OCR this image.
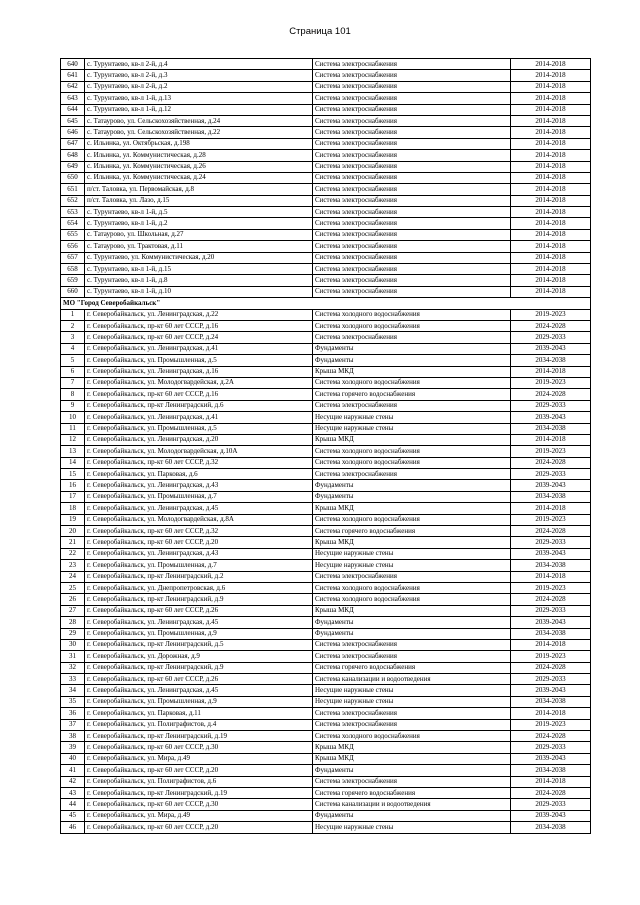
Страница 101
640	с. Турунтаево, кв-л 2-й, д.4	Система электроснабжения	2014-2018
641	с. Турунтаево, кв-л 2-й, д.3	Система электроснабжения	2014-2018
642	с. Турунтаево, кв-л 2-й, д.2	Система электроснабжения	2014-2018
643	с. Турунтаево, кв-л 1-й, д.13	Система электроснабжения	2014-2018
644	с. Турунтаево, кв-л 1-й, д.12	Система электроснабжения	2014-2018
645	с. Татаурово, ул. Сельскохозяйственная, д.24	Система электроснабжения	2014-2018
646	с. Татаурово, ул. Сельскохозяйственная, д.22	Система электроснабжения	2014-2018
647	с. Ильинка, ул. Октябрьская, д.198	Система электроснабжения	2014-2018
648	с. Ильинка, ул. Коммунистическая, д.28	Система электроснабжения	2014-2018
649	с. Ильинка, ул. Коммунистическая, д.26	Система электроснабжения	2014-2018
650	с. Ильинка, ул. Коммунистическая, д.24	Система электроснабжения	2014-2018
651	п/ст. Таловка, ул. Первомайская, д.8	Система электроснабжения	2014-2018
652	п/ст. Таловка, ул. Лазо, д.15	Система электроснабжения	2014-2018
653	с. Турунтаево, кв-л 1-й, д.5	Система электроснабжения	2014-2018
654	с. Турунтаево, кв-л 1-й, д.2	Система электроснабжения	2014-2018
655	с. Татаурово, ул. Школьная, д.27	Система электроснабжения	2014-2018
656	с. Татаурово, ул. Трактовая, д.11	Система электроснабжения	2014-2018
657	с. Турунтаево, ул. Коммунистическая, д.20	Система электроснабжения	2014-2018
658	с. Турунтаево, кв-л 1-й, д.15	Система электроснабжения	2014-2018
659	с. Турунтаево, кв-л 1-й, д.8	Система электроснабжения	2014-2018
660	с. Турунтаево, кв-л 1-й, д.10	Система электроснабжения	2014-2018
МО "Город Северобайкальск"			
1	г. Северобайкальск, ул. Ленинградская, д.22	Система холодного водоснабжения	2019-2023
2	г. Северобайкальск, пр-кт 60 лет СССР, д.16	Система холодного водоснабжения	2024-2028
3	г. Северобайкальск, пр-кт 60 лет СССР, д.24	Система электроснабжения	2029-2033
4	г. Северобайкальск, ул. Ленинградская, д.41	Фундаменты	2039-2043
5	г. Северобайкальск, ул. Промышленная, д.5	Фундаменты	2034-2038
6	г. Северобайкальск, ул. Ленинградская, д.16	Крыша МКД	2014-2018
7	г. Северобайкальск, ул. Молодогвардейская, д.2А	Система холодного водоснабжения	2019-2023
8	г. Северобайкальск, пр-кт 60 лет СССР, д.16	Система горячего водоснабжения	2024-2028
9	г. Северобайкальск, пр-кт Ленинградский, д.6	Система электроснабжения	2029-2033
10	г. Северобайкальск, ул. Ленинградская, д.41	Несущие наружные стены	2039-2043
11	г. Северобайкальск, ул. Промышленная, д.5	Несущие наружные стены	2034-2038
12	г. Северобайкальск, ул. Ленинградская, д.20	Крыша МКД	2014-2018
13	г. Северобайкальск, ул. Молодогвардейская, д.10А	Система холодного водоснабжения	2019-2023
14	г. Северобайкальск, пр-кт 60 лет СССР, д.32	Система холодного водоснабжения	2024-2028
15	г. Северобайкальск, ул. Парковая, д.6	Система электроснабжения	2029-2033
16	г. Северобайкальск, ул. Ленинградская, д.43	Фундаменты	2039-2043
17	г. Северобайкальск, ул. Промышленная, д.7	Фундаменты	2034-2038
18	г. Северобайкальск, ул. Ленинградская, д.45	Крыша МКД	2014-2018
19	г. Северобайкальск, ул. Молодогвардейская, д.8А	Система холодного водоснабжения	2019-2023
20	г. Северобайкальск, пр-кт 60 лет СССР, д.32	Система горячего водоснабжения	2024-2028
21	г. Северобайкальск, пр-кт 60 лет СССР, д.20	Крыша МКД	2029-2033
22	г. Северобайкальск, ул. Ленинградская, д.43	Несущие наружные стены	2039-2043
23	г. Северобайкальск, ул. Промышленная, д.7	Несущие наружные стены	2034-2038
24	г. Северобайкальск, пр-кт Ленинградский, д.2	Система электроснабжения	2014-2018
25	г. Северобайкальск, ул. Днепропетровская, д.6	Система холодного водоснабжения	2019-2023
26	г. Северобайкальск, пр-кт Ленинградский, д.9	Система холодного водоснабжения	2024-2028
27	г. Северобайкальск, пр-кт 60 лет СССР, д.26	Крыша МКД	2029-2033
28	г. Северобайкальск, ул. Ленинградская, д.45	Фундаменты	2039-2043
29	г. Северобайкальск, ул. Промышленная, д.9	Фундаменты	2034-2038
30	г. Северобайкальск, пр-кт Ленинградский, д.5	Система электроснабжения	2014-2018
31	г. Северобайкальск, ул. Дорожная, д.9	Система электроснабжения	2019-2023
32	г. Северобайкальск, пр-кт Ленинградский, д.9	Система горячего водоснабжения	2024-2028
33	г. Северобайкальск, пр-кт 60 лет СССР, д.26	Система канализации и водоотведения	2029-2033
34	г. Северобайкальск, ул. Ленинградская, д.45	Несущие наружные стены	2039-2043
35	г. Северобайкальск, ул. Промышленная, д.9	Несущие наружные стены	2034-2038
36	г. Северобайкальск, ул. Парковая, д.11	Система электроснабжения	2014-2018
37	г. Северобайкальск, ул. Полиграфистов, д.4	Система электроснабжения	2019-2023
38	г. Северобайкальск, пр-кт Ленинградский, д.19	Система холодного водоснабжения	2024-2028
39	г. Северобайкальск, пр-кт 60 лет СССР, д.30	Крыша МКД	2029-2033
40	г. Северобайкальск, ул. Мира, д.49	Крыша МКД	2039-2043
41	г. Северобайкальск, пр-кт 60 лет СССР, д.20	Фундаменты	2034-2038
42	г. Северобайкальск, ул. Полиграфистов, д.6	Система электроснабжения	2014-2018
43	г. Северобайкальск, пр-кт Ленинградский, д.19	Система горячего водоснабжения	2024-2028
44	г. Северобайкальск, пр-кт 60 лет СССР, д.30	Система канализации и водоотведения	2029-2033
45	г. Северобайкальск, ул. Мира, д.49	Фундаменты	2039-2043
46	г. Северобайкальск, пр-кт 60 лет СССР, д.20	Несущие наружные стены	2034-2038
